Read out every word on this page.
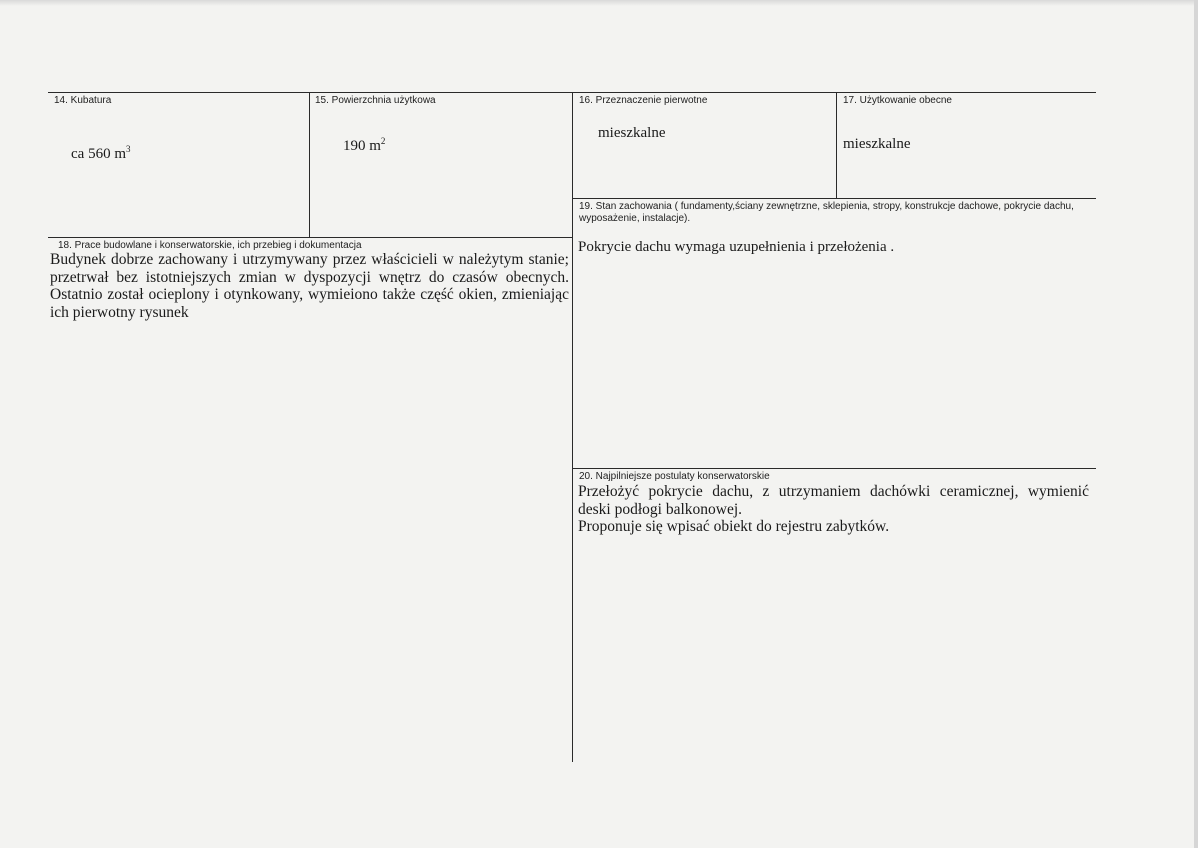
14. Kubatura
ca 560 $m^3$
15. Powierzchnia użytkowa
190 $m^2$
16. Przeznaczenie pierwotne
mieszkalne
17. Użytkowanie obecne
mieszkalne
19. Stan zachowania ( fundamenty,ściany zewnętrzne, sklepienia, stropy, konstrukcje dachowe, pokrycie dachu, wyposażenie, instalacje).
Pokrycie dachu wymaga uzupełnienia i przełożenia .
18. Prace budowlane i konserwatorskie, ich przebieg i dokumentacja
Budynek dobrze zachowany i utrzymywany przez właścicieli w należytym stanie;
przetrwał bez istotniejszych zmian w dyspozycji wnętrz do czasów obecnych.
Ostatnio został ocieplony i otynkowany, wymieiono także część okien, zmieniając
ich pierwotny rysunek
20. Najpilniejsze postulaty konserwatorskie
Przełożyć pokrycie dachu, z utrzymaniem dachówki ceramicznej, wymienić
deski podłogi balkonowej.
Proponuje się wpisać obiekt do rejestru zabytków.
